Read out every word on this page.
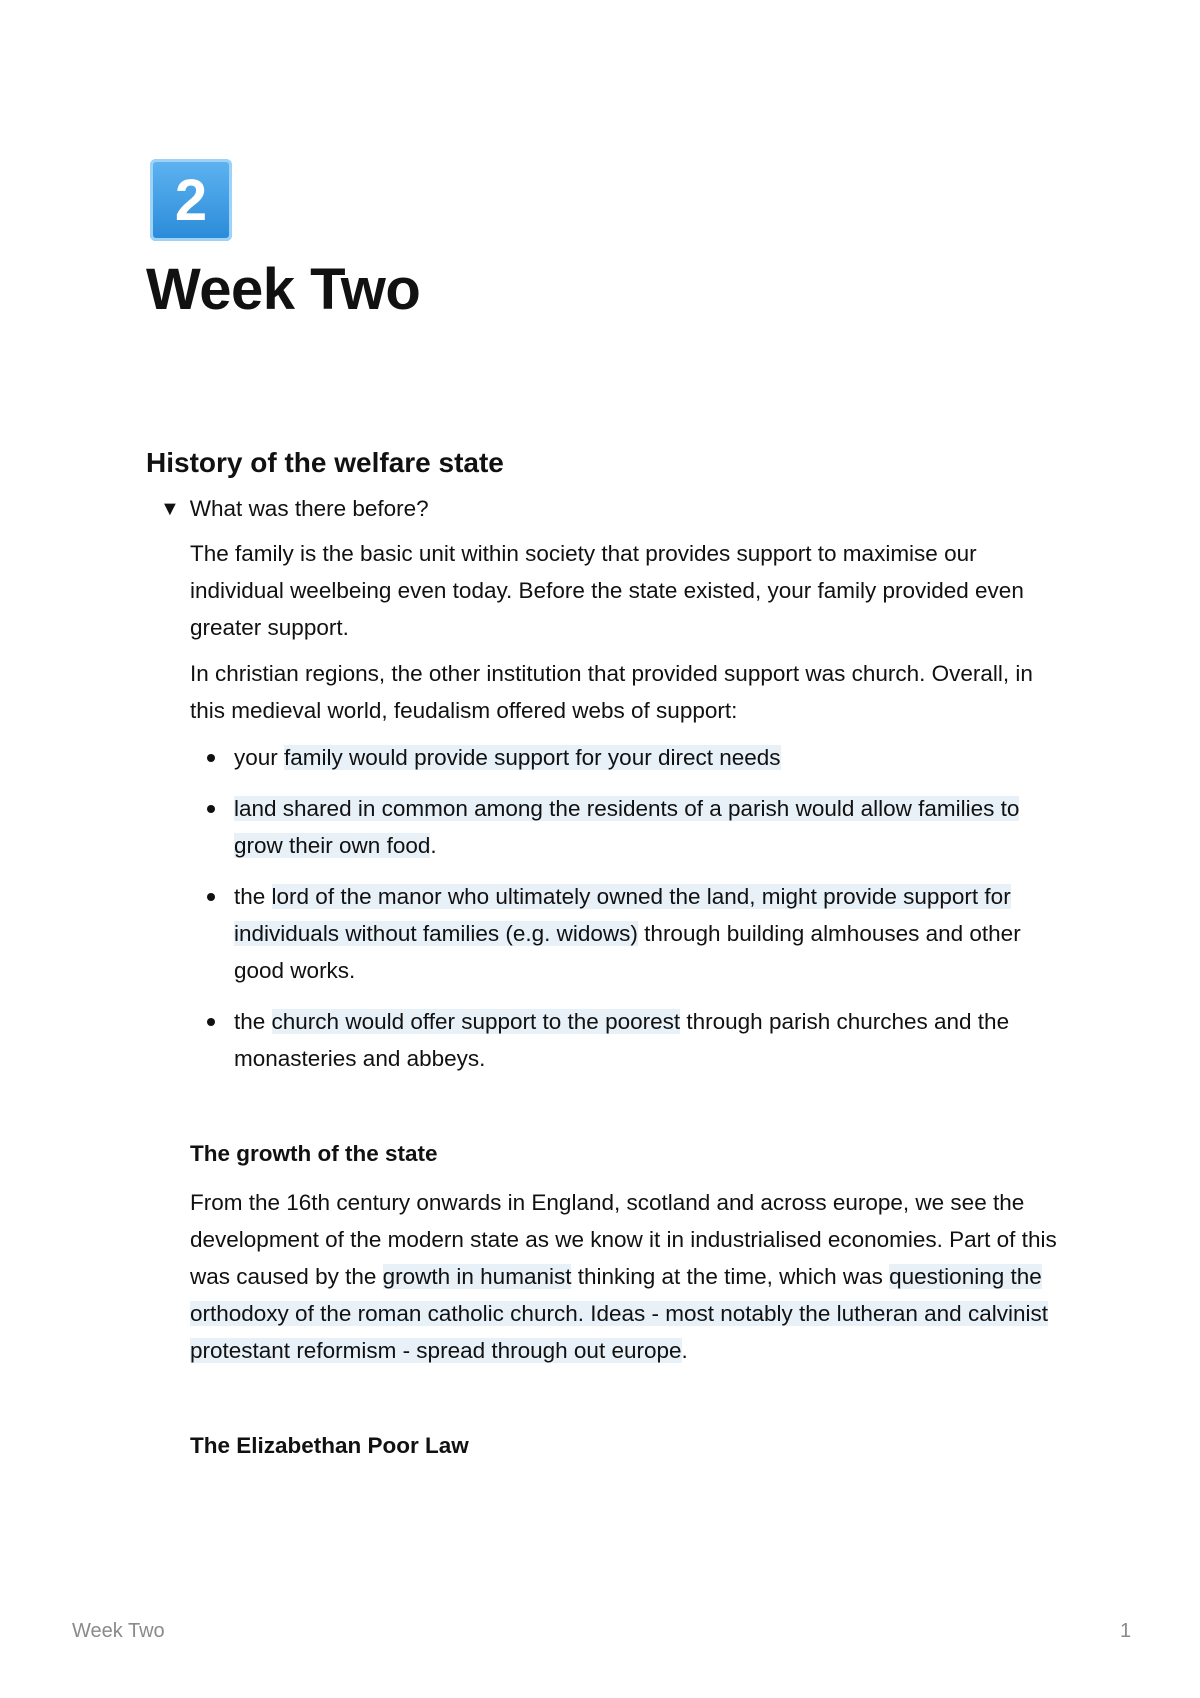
2
Week Two
History of the welfare state
▼ What was there before?

The family is the basic unit within society that provides support to maximise our individual weelbeing even today. Before the state existed, your family provided even greater support.

In christian regions, the other institution that provided support was church. Overall, in this medieval world, feudalism offered webs of support:

your family would provide support for your direct needs
land shared in common among the residents of a parish would allow families to grow their own food.
the lord of the manor who ultimately owned the land, might provide support for individuals without families (e.g. widows) through building almhouses and other good works.
the church would offer support to the poorest through parish churches and the monasteries and abbeys.

The growth of the state

From the 16th century onwards in England, scotland and across europe, we see the development of the modern state as we know it in industrialised economies. Part of this was caused by the growth in humanist thinking at the time, which was questioning the orthodoxy of the roman catholic church. Ideas - most notably the lutheran and calvinist protestant reformism - spread through out europe.

The Elizabethan Poor Law

Week Two	1
